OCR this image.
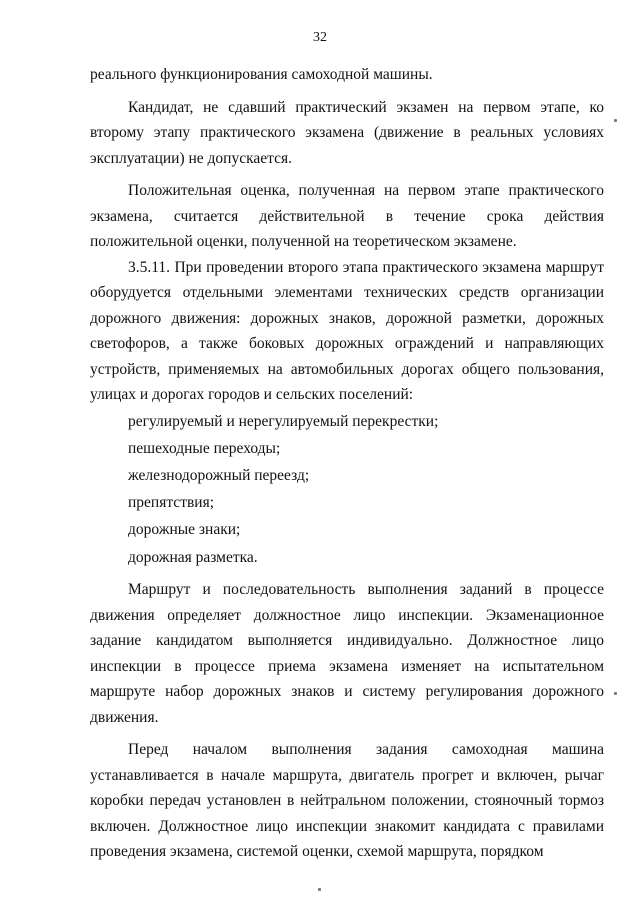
32

реального функционирования самоходной машины.

Кандидат, не сдавший практический экзамен на первом этапе, ко второму этапу практического экзамена (движение в реальных условиях эксплуатации) не допускается.

Положительная оценка, полученная на первом этапе практического экзамена, считается действительной в течение срока действия положительной оценки, полученной на теоретическом экзамене.

3.5.11. При проведении второго этапа практического экзамена маршрут оборудуется отдельными элементами технических средств организации дорожного движения: дорожных знаков, дорожной разметки, дорожных светофоров, а также боковых дорожных ограждений и направляющих устройств, применяемых на автомобильных дорогах общего пользования, улицах и дорогах городов и сельских поселений:

регулируемый и нерегулируемый перекрестки;

пешеходные переходы;

железнодорожный переезд;

препятствия;

дорожные знаки;

дорожная разметка.

Маршрут и последовательность выполнения заданий в процессе движения определяет должностное лицо инспекции. Экзаменационное задание кандидатом выполняется индивидуально. Должностное лицо инспекции в процессе приема экзамена изменяет на испытательном маршруте набор дорожных знаков и систему регулирования дорожного движения.

Перед началом выполнения задания самоходная машина устанавливается в начале маршрута, двигатель прогрет и включен, рычаг коробки передач установлен в нейтральном положении, стояночный тормоз включен. Должностное лицо инспекции знакомит кандидата с правилами проведения экзамена, системой оценки, схемой маршрута, порядком
